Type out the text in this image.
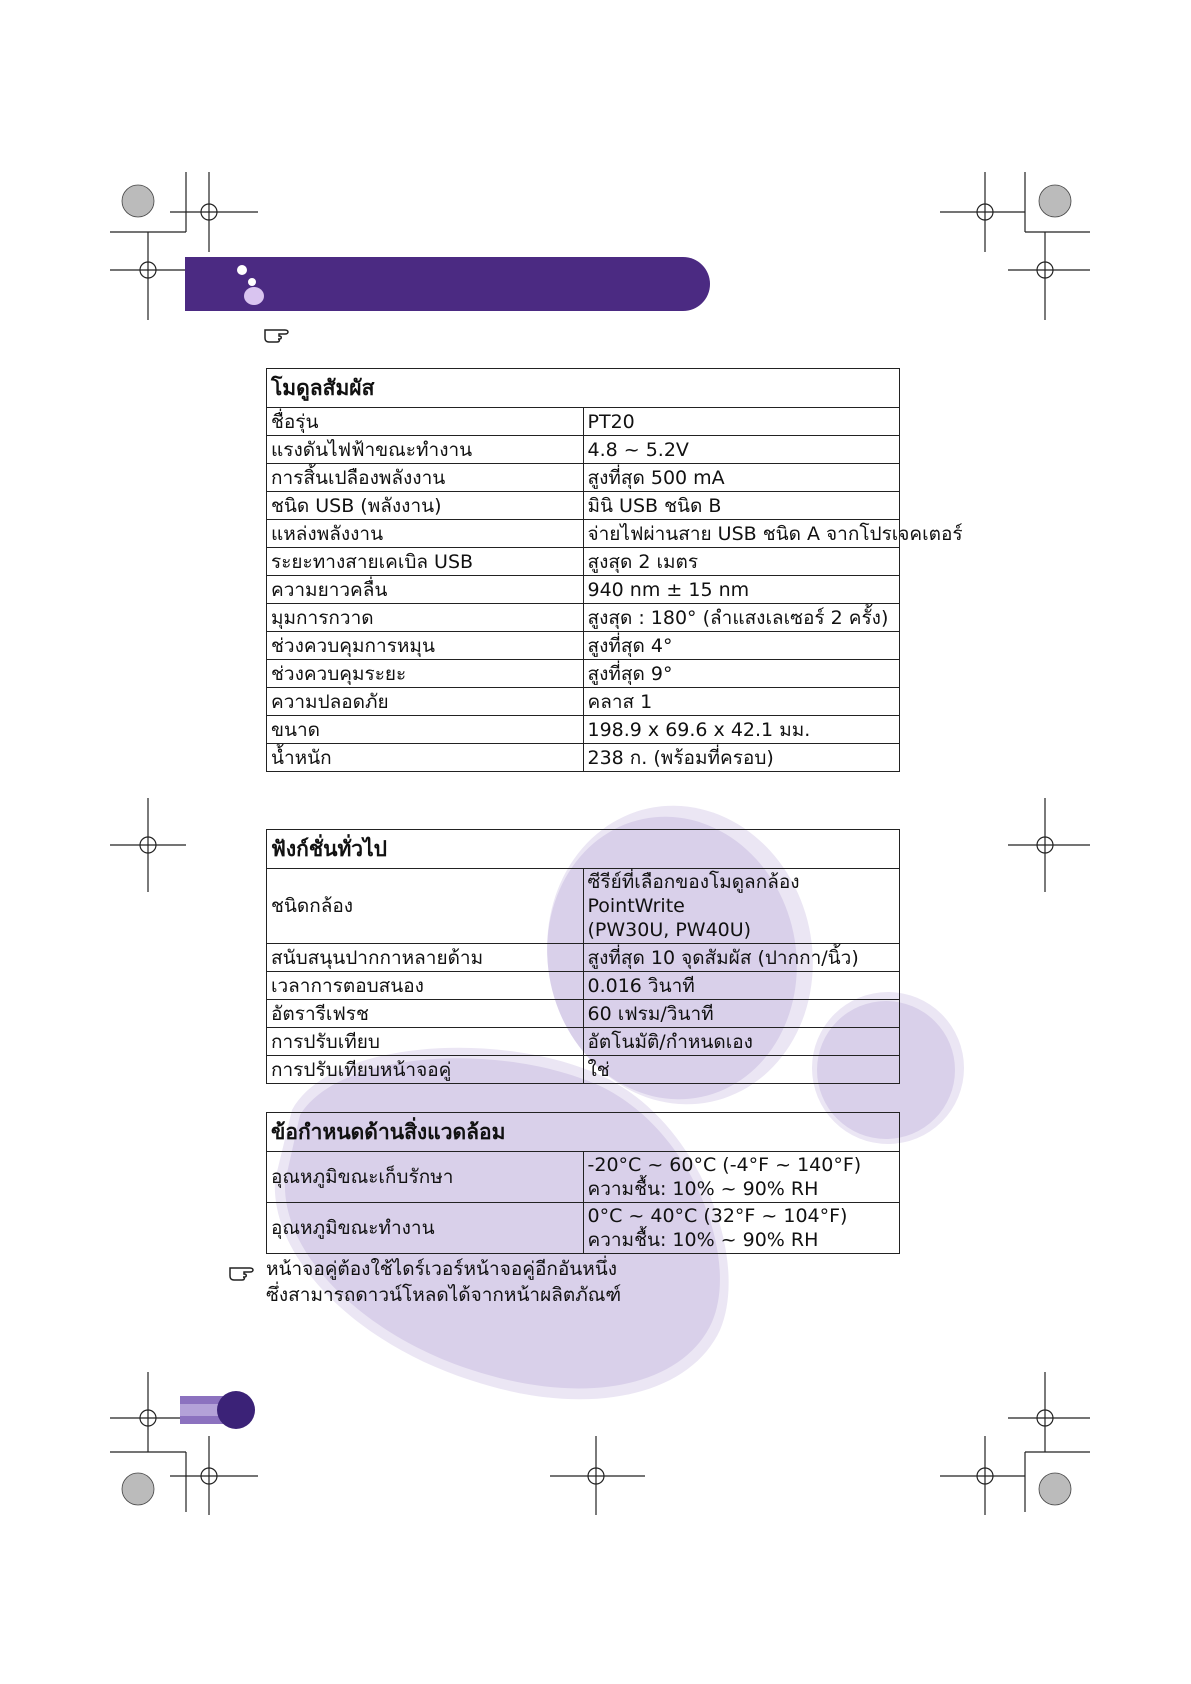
โมดูลสัมผัส	
ชื่อรุ่น	PT20
แรงดันไฟฟ้าขณะทำงาน	4.8 ~ 5.2V
การสิ้นเปลืองพลังงาน	สูงที่สุด 500 mA
ชนิด USB (พลังงาน)	มินิ USB ชนิด B
แหล่งพลังงาน	จ่ายไฟผ่านสาย USB ชนิด A จากโปรเจคเตอร์
ระยะทางสายเคเบิล USB	สูงสุด 2 เมตร
ความยาวคลื่น	940 nm ± 15 nm
มุมการกวาด	สูงสุด : 180° (ลำแสงเลเซอร์ 2 ครั้ง)
ช่วงควบคุมการหมุน	สูงที่สุด 4°
ช่วงควบคุมระยะ	สูงที่สุด 9°
ความปลอดภัย	คลาส 1
ขนาด	198.9 x 69.6 x 42.1 มม.
น้ำหนัก	238 ก. (พร้อมที่ครอบ)
ฟังก์ชั่นทั่วไป	
ชนิดกล้อง	ซีรีย์ที่เลือกของโมดูลกล้อง PointWrite
(PW30U, PW40U)

สนับสนุนปากกาหลายด้าม	สูงที่สุด 10 จุดสัมผัส (ปากกา/นิ้ว)
เวลาการตอบสนอง	0.016 วินาที
อัตรารีเฟรช	60 เฟรม/วินาที
การปรับเทียบ	อัตโนมัติ/กำหนดเอง
การปรับเทียบหน้าจอคู่	ใช่
ข้อกำหนดด้านสิ่งแวดล้อม	
อุณหภูมิขณะเก็บรักษา	-20°C ~ 60°C (-4°F ~ 140°F)
ความชื้น: 10% ~ 90% RH

อุณหภูมิขณะทำงาน	0°C ~ 40°C (32°F ~ 104°F)
ความชื้น: 10% ~ 90% RH
หน้าจอคู่ต้องใช้ไดร์เวอร์หน้าจอคู่อีกอันหนึ่ง
ซึ่งสามารถดาวน์โหลดได้จากหน้าผลิตภัณฑ์
